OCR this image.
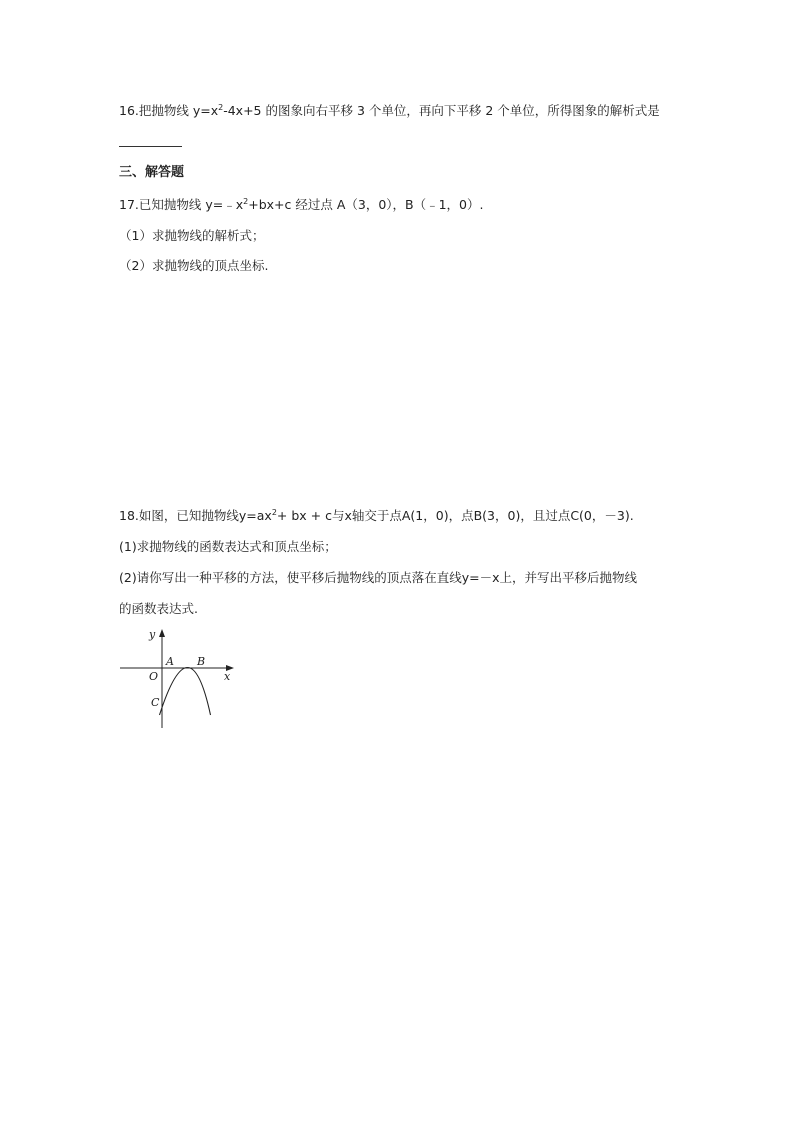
16.把抛物线 $y=x^2-4x+5$ 的图象向右平移 3 个单位，再向下平移 2 个单位，所得图象的解析式是
三、解答题
17.已知抛物线 $y=﹣x^2+bx+c$ 经过点 A（3，0），B（﹣1，0）.
（1）求抛物线的解析式；
（2）求抛物线的顶点坐标.
18.如图，已知抛物线$y=ax^2+$ bx + c与x轴交于点A(1，0)，点B(3，0)，且过点C(0，－3).
(1)求抛物线的函数表达式和顶点坐标；
(2)请你写出一种平移的方法，使平移后抛物线的顶点落在直线y=－x上，并写出平移后抛物线
的函数表达式.
y
x
O
A B
C
